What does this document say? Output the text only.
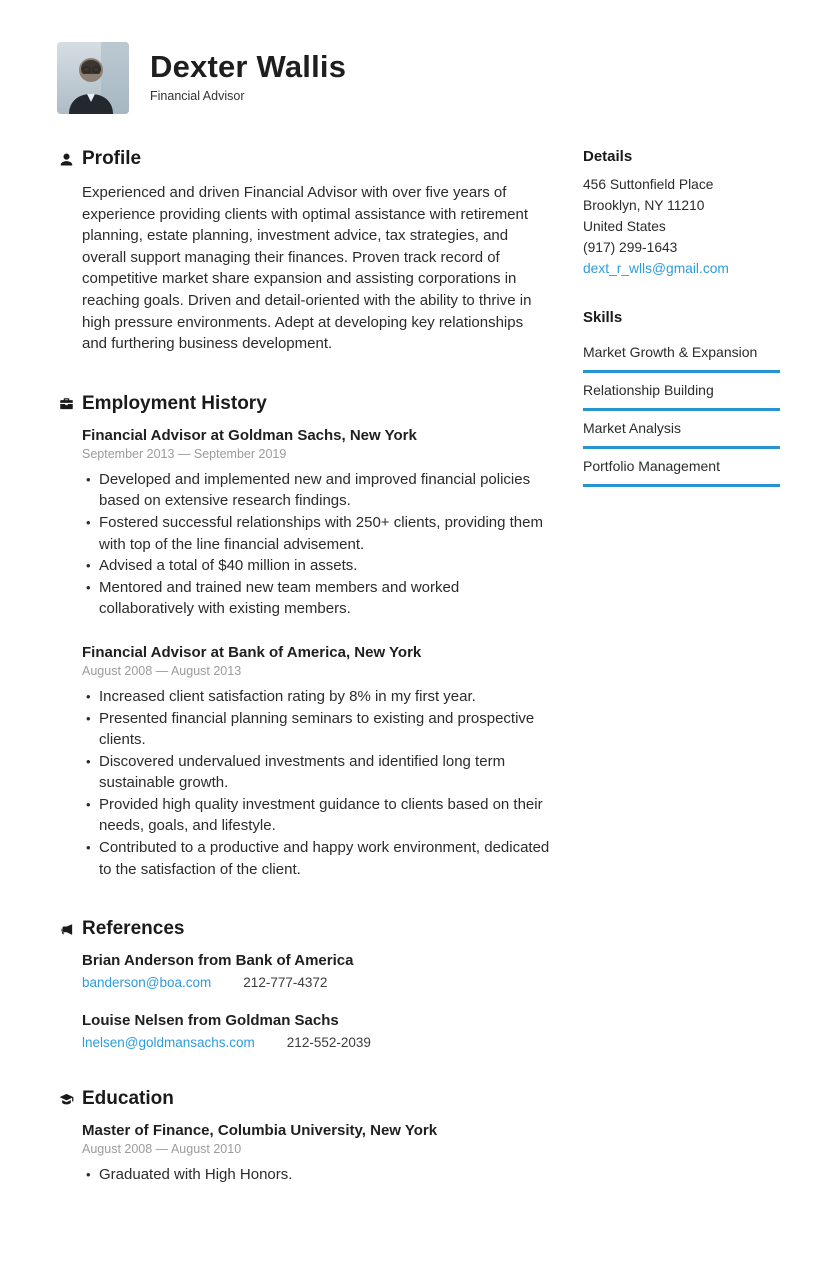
Dexter Wallis
Financial Advisor
Profile

Experienced and driven Financial Advisor with over five years of experience providing clients with optimal assistance with retirement planning, estate planning, investment advice, tax strategies, and overall support managing their finances. Proven track record of competitive market share expansion and assisting corporations in reaching goals. Driven and detail-oriented with the ability to thrive in high pressure environments. Adept at developing key relationships and furthering business development.

Employment History
Financial Advisor at Goldman Sachs, New York
September 2013 — September 2019
• Developed and implemented new and improved financial policies based on extensive research findings.
• Fostered successful relationships with 250+ clients, providing them with top of the line financial advisement.
• Advised a total of $40 million in assets.
• Mentored and trained new team members and worked collaboratively with existing members.
Financial Advisor at Bank of America, New York
August 2008 — August 2013
• Increased client satisfaction rating by 8% in my first year.
• Presented financial planning seminars to existing and prospective clients.
• Discovered undervalued investments and identified long term sustainable growth.
• Provided high quality investment guidance to clients based on their needs, goals, and lifestyle.
• Contributed to a productive and happy work environment, dedicated to the satisfaction of the client.
References
Brian Anderson from Bank of America
banderson@boa.com 212-777-4372
Louise Nelsen from Goldman Sachs
lnelsen@goldmansachs.com 212-552-2039
Education
Master of Finance, Columbia University, New York
August 2008 — August 2010
• Graduated with High Honors.
Details
456 Suttonfield Place
Brooklyn, NY 11210
United States
(917) 299-1643
dext_r_wlls@gmail.com
Skills
Market Growth & Expansion
Relationship Building
Market Analysis
Portfolio Management
